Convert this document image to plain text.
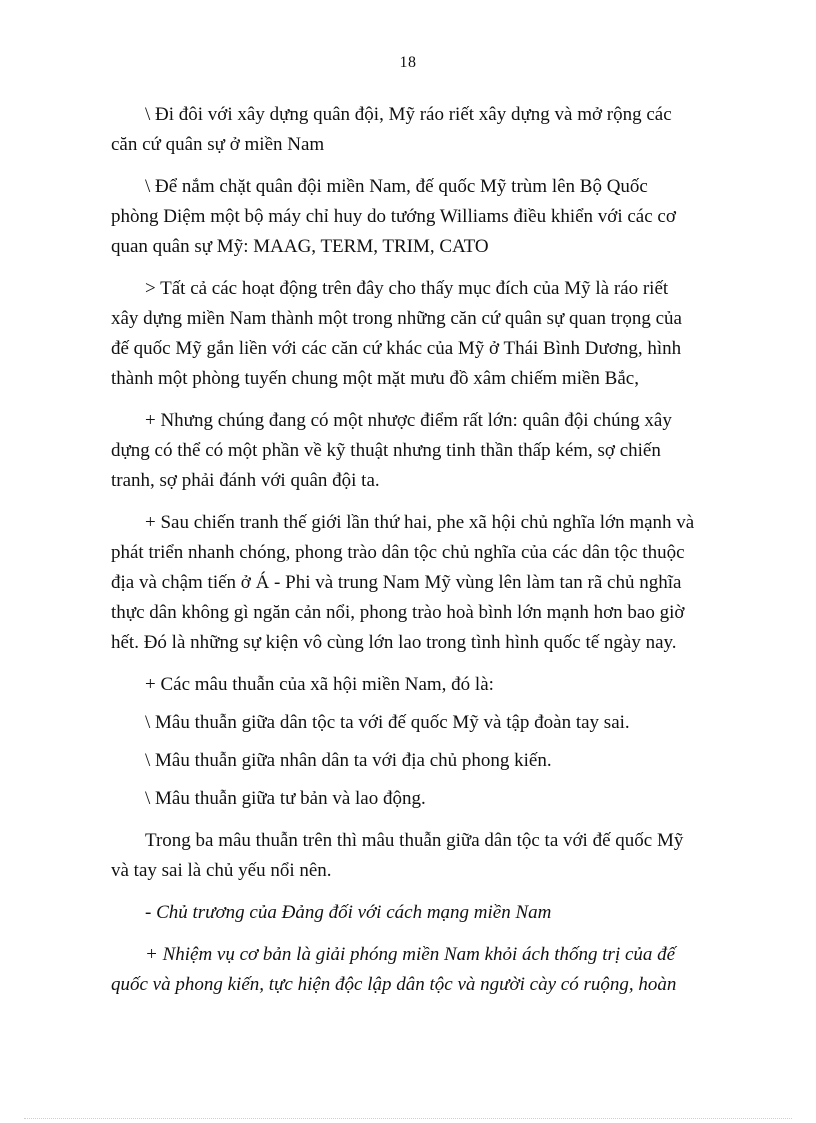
18

\ Đi đôi với xây dựng quân đội, Mỹ ráo riết xây dựng và mở rộng các căn cứ quân sự ở miền Nam

\ Để nắm chặt quân đội miền Nam, đế quốc Mỹ trùm lên Bộ Quốc phòng Diệm một bộ máy chỉ huy do tướng Williams điều khiển với các cơ quan quân sự Mỹ: MAAG, TERM, TRIM, CATO

> Tất cả các hoạt động trên đây cho thấy mục đích của Mỹ là ráo riết xây dựng miền Nam thành một trong những căn cứ quân sự quan trọng của đế quốc Mỹ gắn liền với các căn cứ khác của Mỹ ở Thái Bình Dương, hình thành một phòng tuyến chung một mặt mưu đồ xâm chiếm miền Bắc,

+ Nhưng chúng đang có một nhược điểm rất lớn: quân đội chúng xây dựng có thể có một phần về kỹ thuật nhưng tinh thần thấp kém, sợ chiến tranh, sợ phải đánh với quân đội ta.

+ Sau chiến tranh thế giới lần thứ hai, phe xã hội chủ nghĩa lớn mạnh và phát triển nhanh chóng, phong trào dân tộc chủ nghĩa của các dân tộc thuộc địa và chậm tiến ở Á - Phi và trung Nam Mỹ vùng lên làm tan rã chủ nghĩa thực dân không gì ngăn cản nổi, phong trào hoà bình lớn mạnh hơn bao giờ hết. Đó là những sự kiện vô cùng lớn lao trong tình hình quốc tế ngày nay.

+ Các mâu thuẫn của xã hội miền Nam, đó là:

\ Mâu thuẫn giữa dân tộc ta với đế quốc Mỹ và tập đoàn tay sai.

\ Mâu thuẫn giữa nhân dân ta với địa chủ phong kiến.

\ Mâu thuẫn giữa tư bản và lao động.

Trong ba mâu thuẫn trên thì mâu thuẫn giữa dân tộc ta với đế quốc Mỹ và tay sai là chủ yếu nổi nên.

- Chủ trương của Đảng đối với cách mạng miền Nam

+ Nhiệm vụ cơ bản là giải phóng miền Nam khỏi ách thống trị của đế quốc và phong kiến, tực hiện độc lập dân tộc và người cày có ruộng, hoàn
